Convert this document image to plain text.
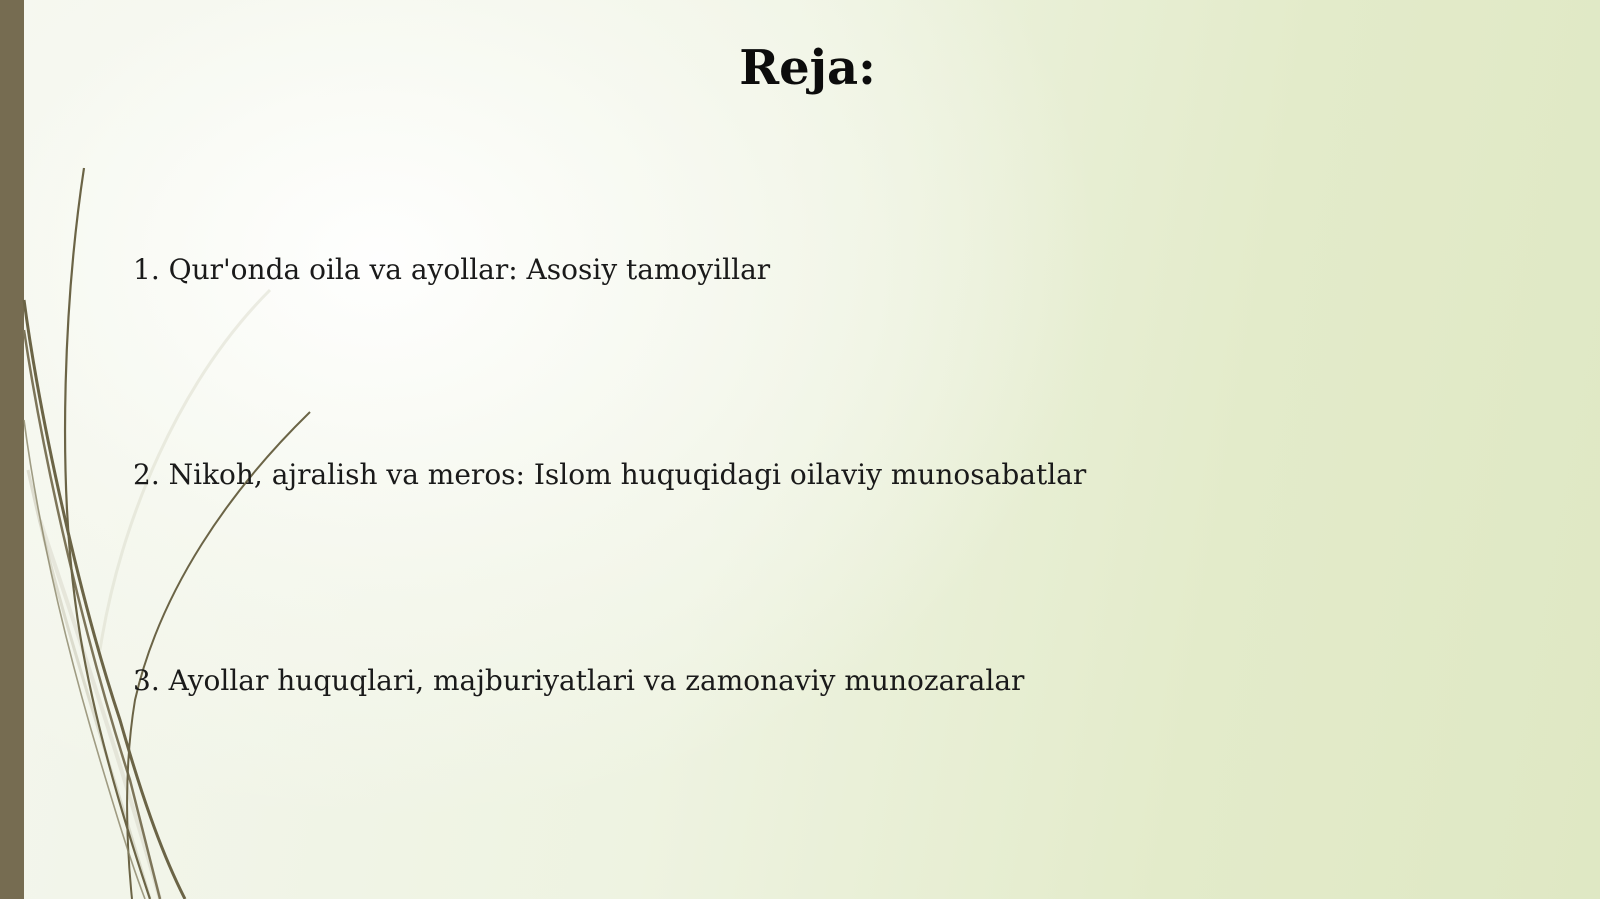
Reja:
1. Qur'onda oila va ayollar: Asosiy tamoyillar
2. Nikoh, ajralish va meros: Islom huquqidagi oilaviy munosabatlar
3. Ayollar huquqlari, majburiyatlari va zamonaviy munozaralar
